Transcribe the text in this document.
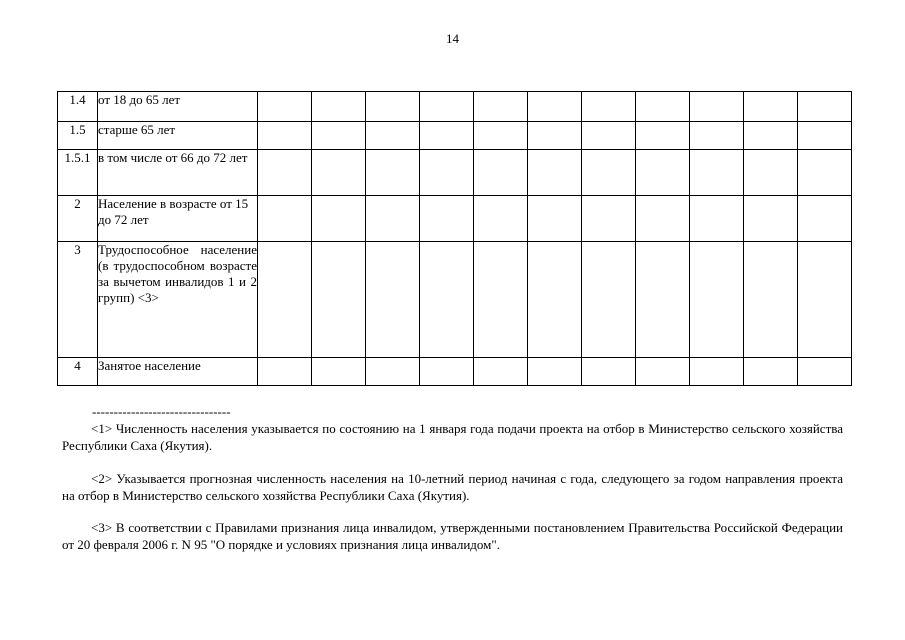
14
1.4	от 18 до 65 лет											
1.5	старше 65 лет											
1.5.1	в том числе от 66 до 72 лет											
2	Население в возрасте от 15 до 72 лет											
3	Трудоспособное население (в трудоспособном возрасте за вычетом инвалидов 1 и 2 групп) <3>											
4	Занятое население											
--------------------------------

<1> Численность населения указывается по состоянию на 1 января года подачи проекта на отбор в Министерство сельского хозяйства Республики Саха (Якутия).

<2> Указывается прогнозная численность населения на 10-летний период начиная с года, следующего за годом направления проекта на отбор в Министерство сельского хозяйства Республики Саха (Якутия).

<3> В соответствии с Правилами признания лица инвалидом, утвержденными постановлением Правительства Российской Федерации от 20 февраля 2006 г. N 95 "О порядке и условиях признания лица инвалидом".
